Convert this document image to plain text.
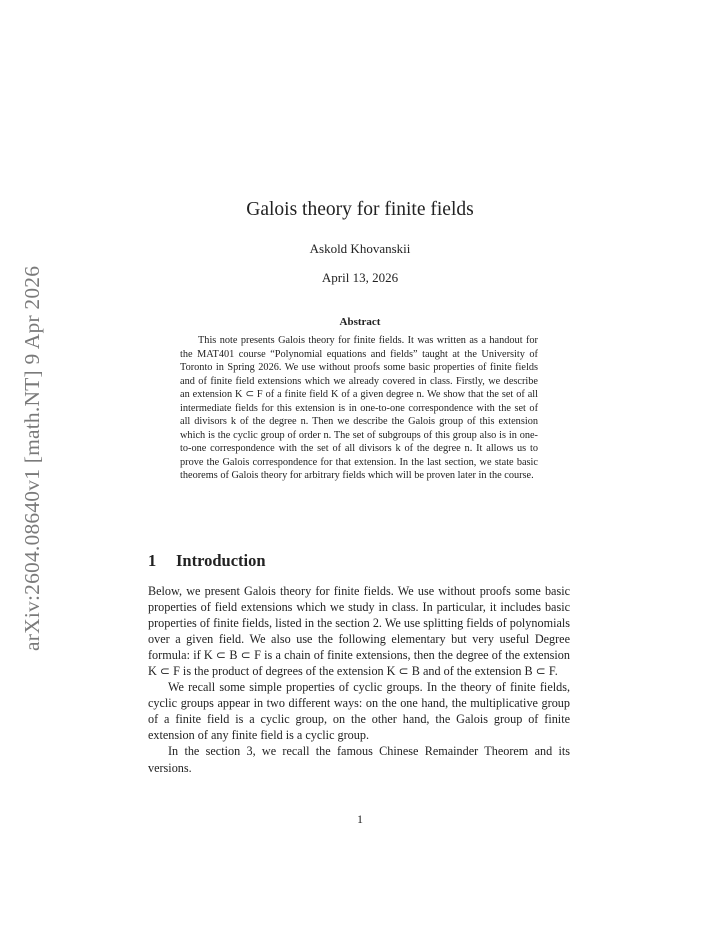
arXiv:2604.08640v1 [math.NT] 9 Apr 2026
Galois theory for finite fields
Askold Khovanskii
April 13, 2026
Abstract

This note presents Galois theory for finite fields. It was written as a handout for the MAT401 course “Polynomial equations and fields” taught at the University of Toronto in Spring 2026. We use without proofs some basic properties of finite fields and of finite field extensions which we already covered in class. Firstly, we describe an extension K ⊂ F of a finite field K of a given degree n. We show that the set of all intermediate fields for this extension is in one-to-one correspondence with the set of all divisors k of the degree n. Then we describe the Galois group of this extension which is the cyclic group of order n. The set of subgroups of this group also is in one-to-one correspondence with the set of all divisors k of the degree n. It allows us to prove the Galois correspondence for that extension. In the last section, we state basic theorems of Galois theory for arbitrary fields which will be proven later in the course.

1 Introduction

Below, we present Galois theory for finite fields. We use without proofs some basic properties of field extensions which we study in class. In particular, it includes basic properties of finite fields, listed in the section 2. We use splitting fields of polynomials over a given field. We also use the following elementary but very useful Degree formula: if K ⊂ B ⊂ F is a chain of finite extensions, then the degree of the extension K ⊂ F is the product of degrees of the extension K ⊂ B and of the extension B ⊂ F.

We recall some simple properties of cyclic groups. In the theory of finite fields, cyclic groups appear in two different ways: on the one hand, the multiplicative group of a finite field is a cyclic group, on the other hand, the Galois group of finite extension of any finite field is a cyclic group.

In the section 3, we recall the famous Chinese Remainder Theorem and its versions.

1
